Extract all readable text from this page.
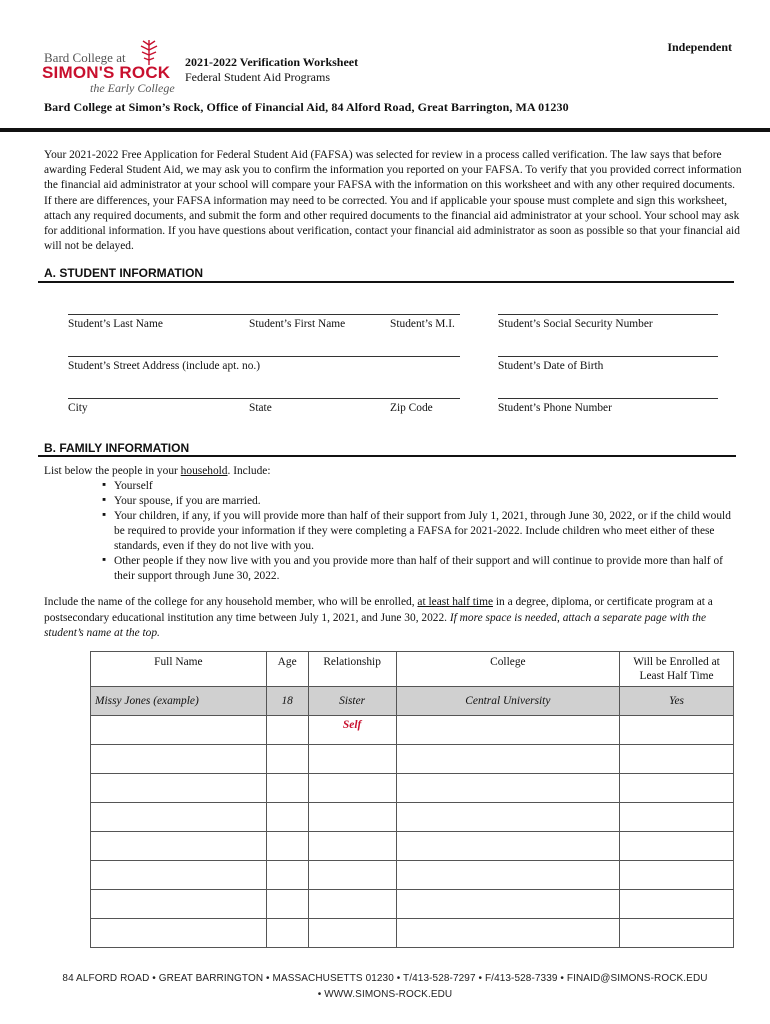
Bard College at
SIMON'S ROCK
the Early College
Independent
2021-2022 Verification Worksheet
Federal Student Aid Programs
Bard College at Simon’s Rock, Office of Financial Aid, 84 Alford Road, Great Barrington, MA 01230
Your 2021-2022 Free Application for Federal Student Aid (FAFSA) was selected for review in a process called verification. The law says that before awarding Federal Student Aid, we may ask you to confirm the information you reported on your FAFSA. To verify that you provided correct information the financial aid administrator at your school will compare your FAFSA with the information on this worksheet and with any other required documents. If there are differences, your FAFSA information may need to be corrected. You and if applicable your spouse must complete and sign this worksheet, attach any required documents, and submit the form and other required documents to the financial aid administrator at your school. Your school may ask for additional information. If you have questions about verification, contact your financial aid administrator as soon as possible so that your financial aid will not be delayed.
A. STUDENT INFORMATION
Student’s Last Name	Student’s First Name	Student’s M.I.	Student’s Social Security Number
Student’s Street Address (include apt. no.)	Student’s Date of Birth
City	State	Zip Code	Student’s Phone Number
B. FAMILY INFORMATION
List below the people in your household. Include:
▪ Yourself
▪ Your spouse, if you are married.
▪ Your children, if any, if you will provide more than half of their support from July 1, 2021, through June 30, 2022, or if the child would be required to provide your information if they were completing a FAFSA for 2021-2022. Include children who meet either of these standards, even if they do not live with you.
▪ Other people if they now live with you and you provide more than half of their support and will continue to provide more than half of their support through June 30, 2022.
Include the name of the college for any household member, who will be enrolled, at least half time in a degree, diploma, or certificate program at a postsecondary educational institution any time between July 1, 2021, and June 30, 2022. If more space is needed, attach a separate page with the student’s name at the top.
Full Name	Age	Relationship	College	Will be Enrolled at Least Half Time
Missy Jones (example)	18	Sister	Central University	Yes
		Self		

84 ALFORD ROAD • GREAT BARRINGTON • MASSACHUSETTS 01230 • T/413-528-7297 • F/413-528-7339 • FINAID@SIMONS-ROCK.EDU
• WWW.SIMONS-ROCK.EDU
